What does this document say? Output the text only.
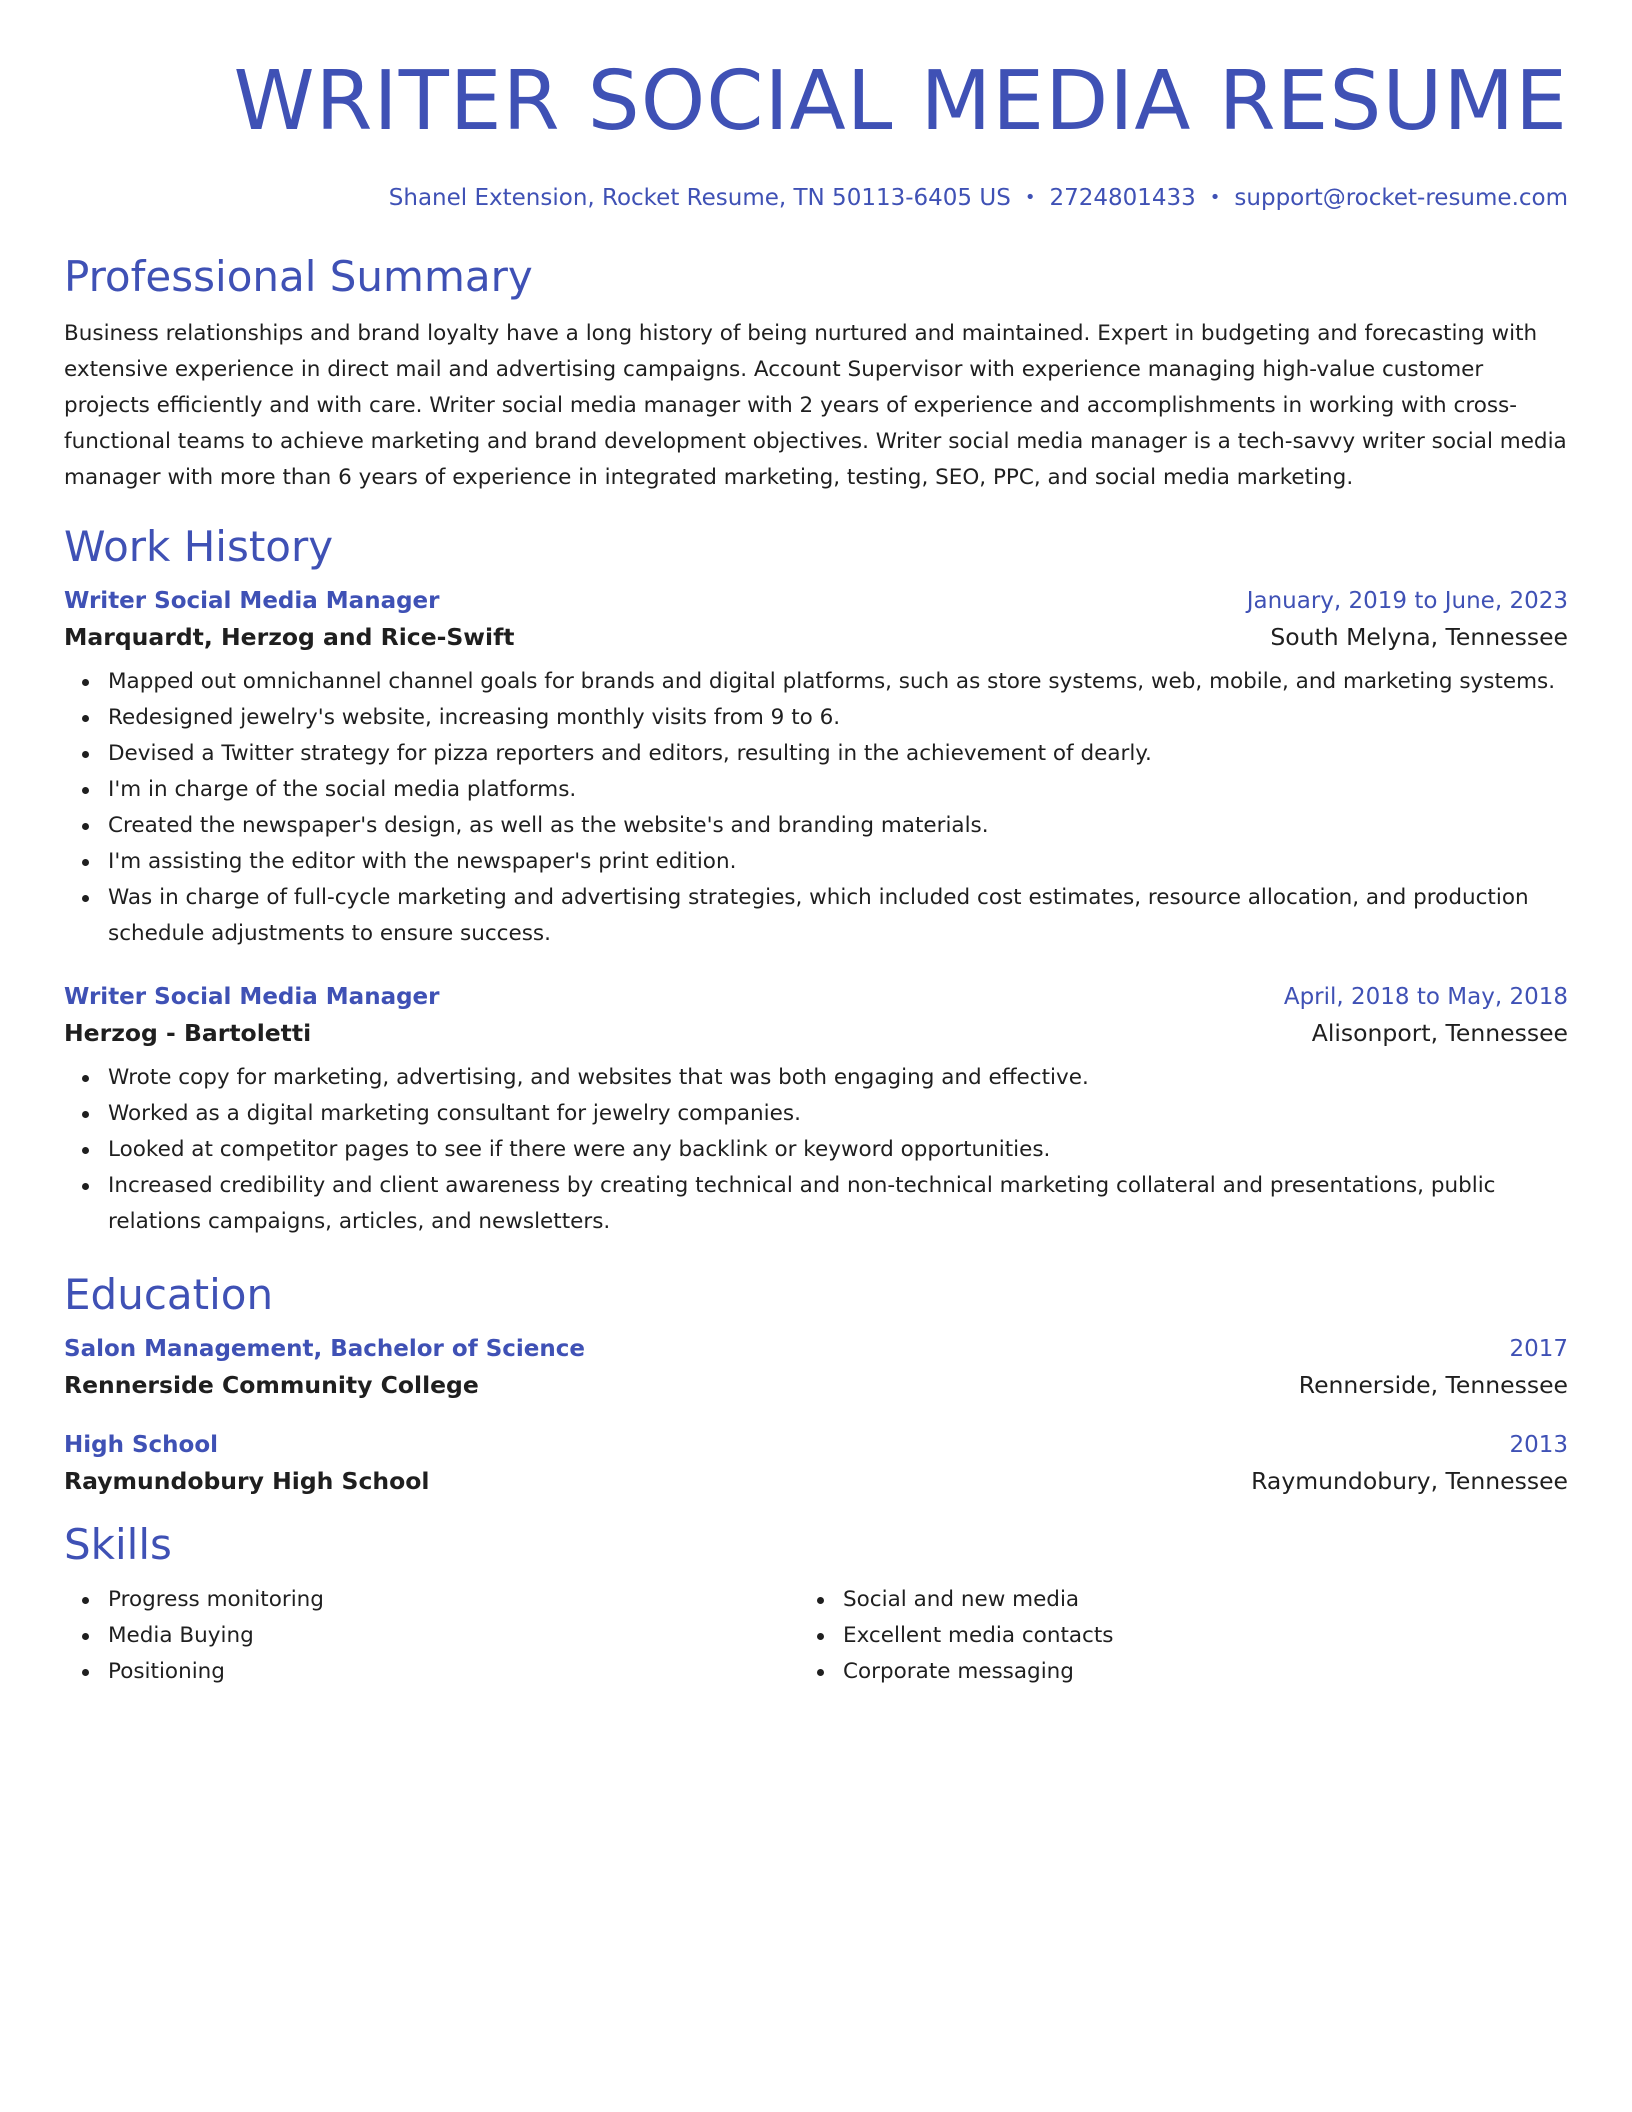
WRITER SOCIAL MEDIA RESUME
Shanel Extension, Rocket Resume, TN 50113-6405 US • 2724801433 • support@rocket-resume.com
Professional Summary
Business relationships and brand loyalty have a long history of being nurtured and maintained. Expert in budgeting and forecasting with extensive experience in direct mail and advertising campaigns. Account Supervisor with experience managing high-value customer projects efficiently and with care. Writer social media manager with 2 years of experience and accomplishments in working with cross-functional teams to achieve marketing and brand development objectives. Writer social media manager is a tech-savvy writer social media manager with more than 6 years of experience in integrated marketing, testing, SEO, PPC, and social media marketing.
Work History
Writer Social Media Manager	January, 2019 to June, 2023
Marquardt, Herzog and Rice-Swift	South Melyna, Tennessee
Mapped out omnichannel channel goals for brands and digital platforms, such as store systems, web, mobile, and marketing systems.
Redesigned jewelry's website, increasing monthly visits from 9 to 6.
Devised a Twitter strategy for pizza reporters and editors, resulting in the achievement of dearly.
I'm in charge of the social media platforms.
Created the newspaper's design, as well as the website's and branding materials.
I'm assisting the editor with the newspaper's print edition.
Was in charge of full-cycle marketing and advertising strategies, which included cost estimates, resource allocation, and production schedule adjustments to ensure success.
Writer Social Media Manager	April, 2018 to May, 2018
Herzog - Bartoletti	Alisonport, Tennessee
Wrote copy for marketing, advertising, and websites that was both engaging and effective.
Worked as a digital marketing consultant for jewelry companies.
Looked at competitor pages to see if there were any backlink or keyword opportunities.
Increased credibility and client awareness by creating technical and non-technical marketing collateral and presentations, public relations campaigns, articles, and newsletters.
Education
Salon Management, Bachelor of Science	2017
Rennerside Community College	Rennerside, Tennessee
High School	2013
Raymundobury High School	Raymundobury, Tennessee
Skills
Progress monitoring
Media Buying
Positioning
Social and new media
Excellent media contacts
Corporate messaging
